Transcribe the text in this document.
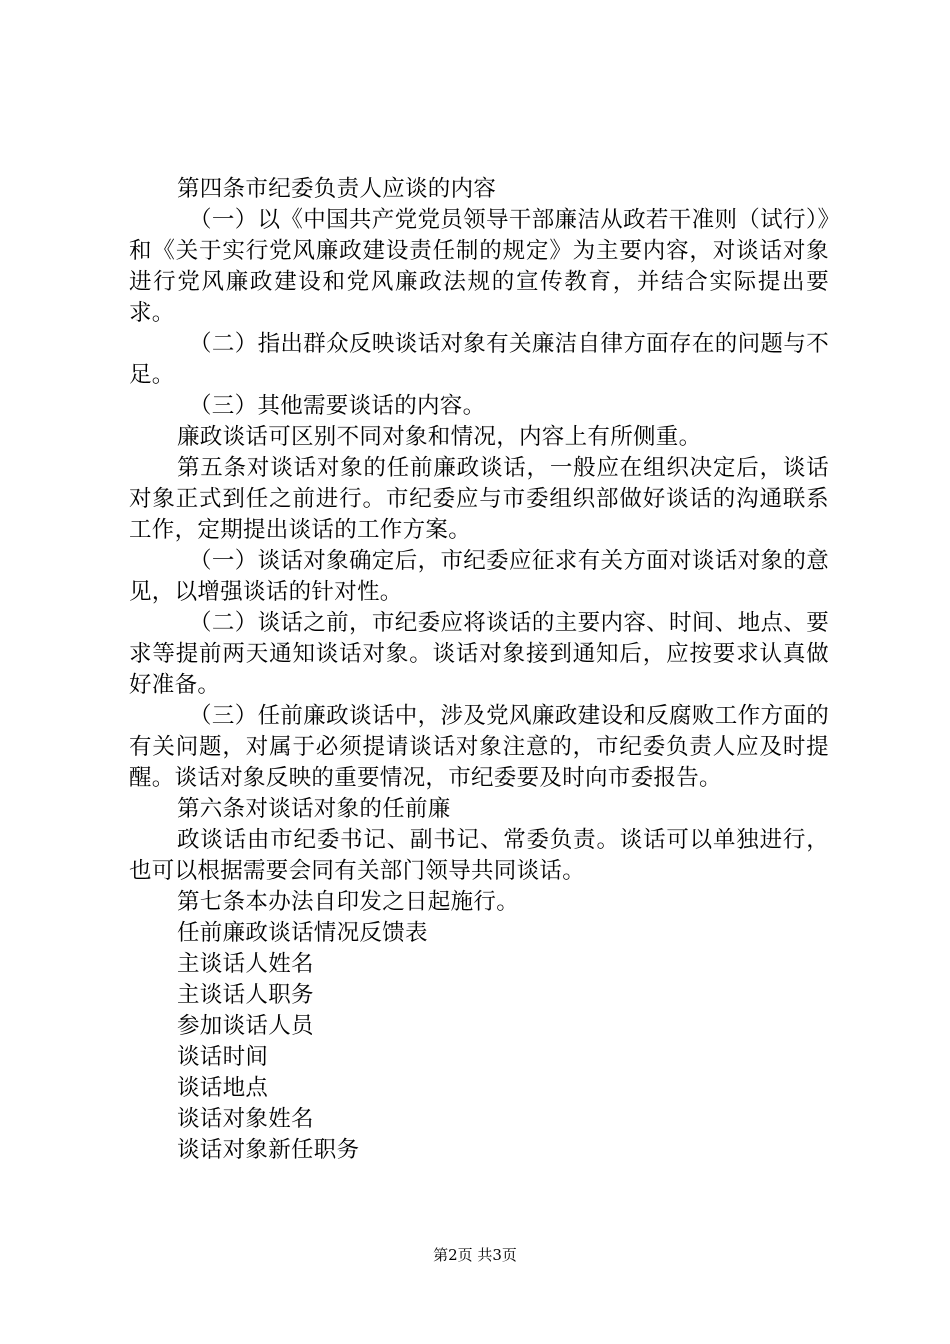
第四条市纪委负责人应谈的内容

（一）以《中国共产党党员领导干部廉洁从政若干准则（试行）》和《关于实行党风廉政建设责任制的规定》为主要内容，对谈话对象进行党风廉政建设和党风廉政法规的宣传教育，并结合实际提出要求。

（二）指出群众反映谈话对象有关廉洁自律方面存在的问题与不足。

（三）其他需要谈话的内容。

廉政谈话可区别不同对象和情况，内容上有所侧重。

第五条对谈话对象的任前廉政谈话，一般应在组织决定后，谈话对象正式到任之前进行。市纪委应与市委组织部做好谈话的沟通联系工作，定期提出谈话的工作方案。

（一）谈话对象确定后，市纪委应征求有关方面对谈话对象的意见，以增强谈话的针对性。

（二）谈话之前，市纪委应将谈话的主要内容、时间、地点、要求等提前两天通知谈话对象。谈话对象接到通知后，应按要求认真做好准备。

（三）任前廉政谈话中，涉及党风廉政建设和反腐败工作方面的有关问题，对属于必须提请谈话对象注意的，市纪委负责人应及时提醒。谈话对象反映的重要情况，市纪委要及时向市委报告。

第六条对谈话对象的任前廉

政谈话由市纪委书记、副书记、常委负责。谈话可以单独进行，也可以根据需要会同有关部门领导共同谈话。

第七条本办法自印发之日起施行。

任前廉政谈话情况反馈表

主谈话人姓名

主谈话人职务

参加谈话人员

谈话时间

谈话地点

谈话对象姓名

谈话对象新任职务

第2页 共3页
